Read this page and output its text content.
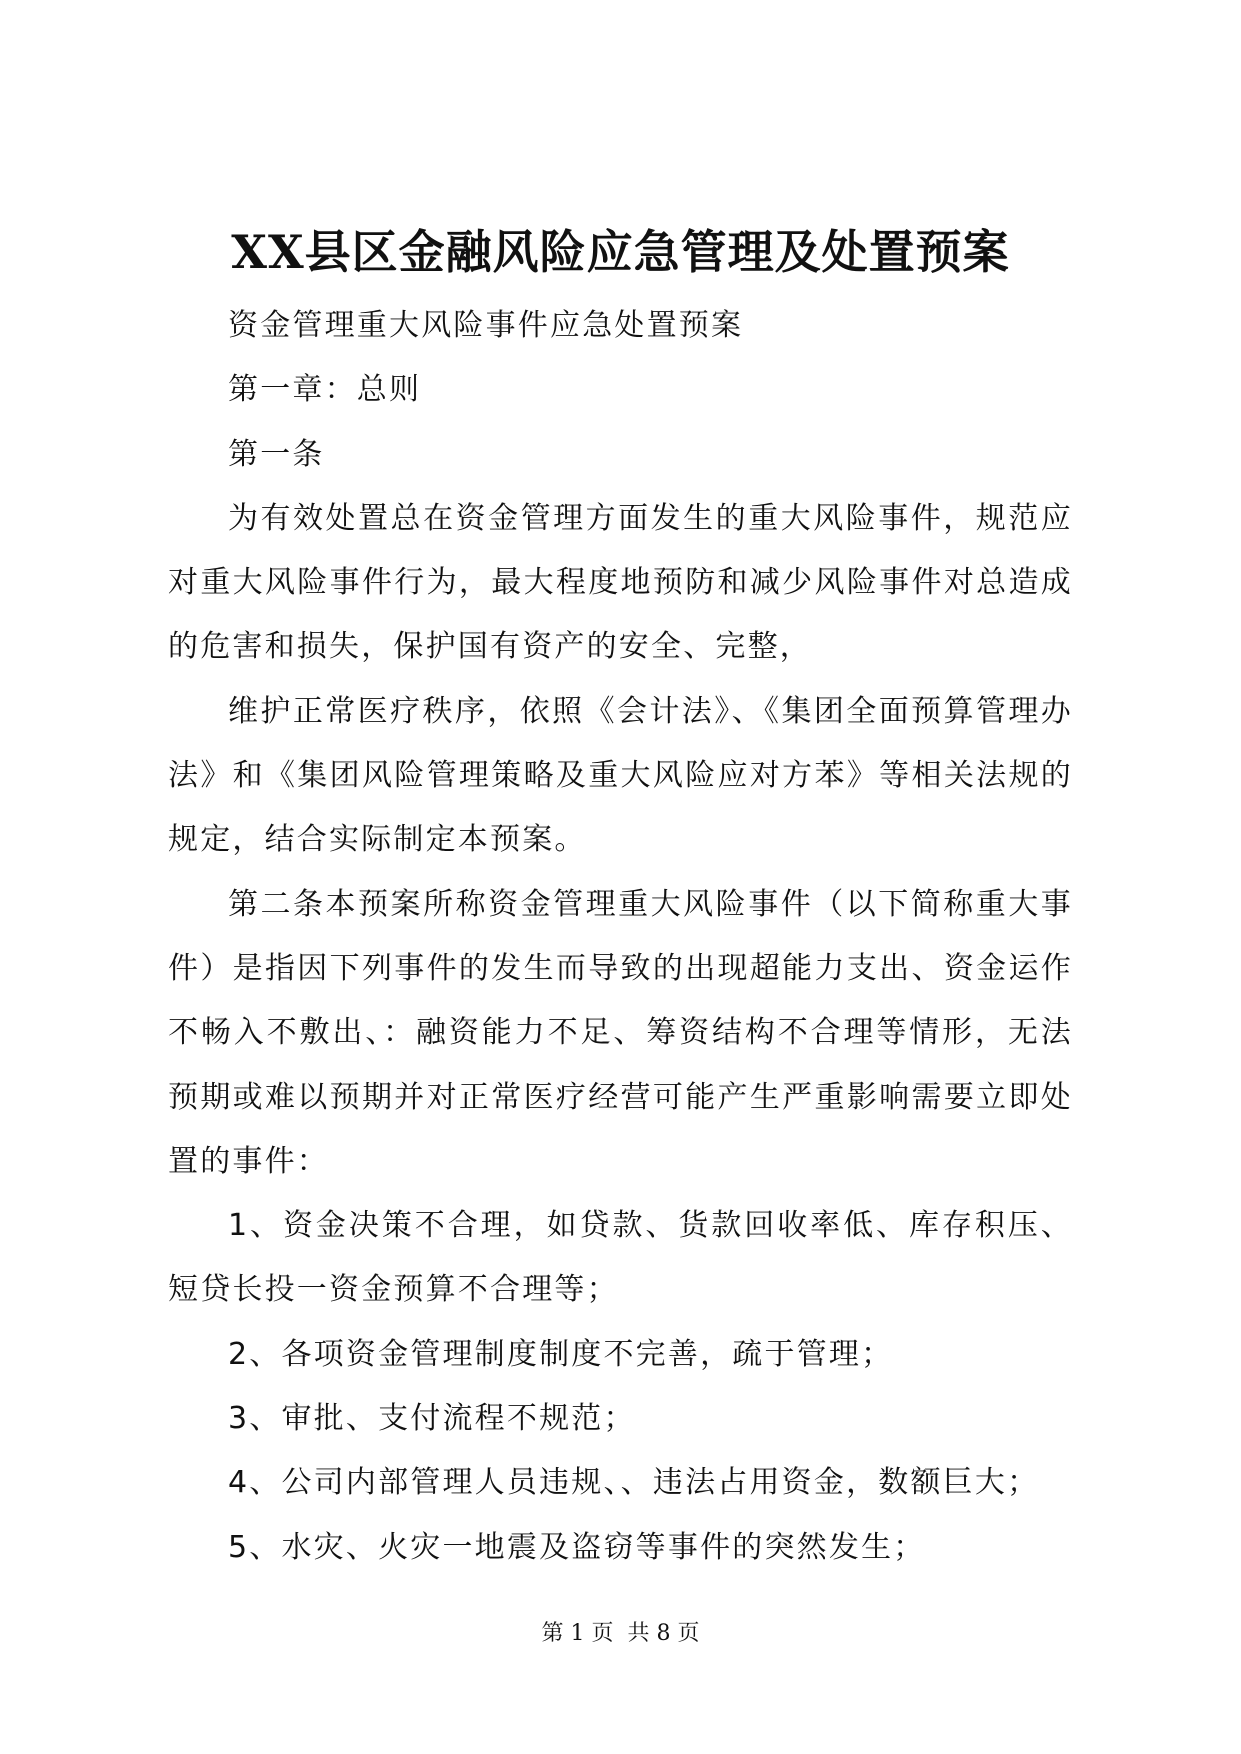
XX县区金融风险应急管理及处置预案

资金管理重大风险事件应急处置预案

第一章：总则

第一条

为有效处置总在资金管理方面发生的重大风险事件，规范应对重大风险事件行为，最大程度地预防和减少风险事件对总造成的危害和损失，保护国有资产的安全、完整，

维护正常医疗秩序，依照《会计法》、《集团全面预算管理办法》和《集团风险管理策略及重大风险应对方苯》等相关法规的规定，结合实际制定本预案。

第二条本预案所称资金管理重大风险事件（以下简称重大事件）是指因下列事件的发生而导致的出现超能力支出、资金运作不畅入不敷出、：融资能力不足、筹资结构不合理等情形，无法预期或难以预期并对正常医疗经营可能产生严重影响需要立即处置的事件：

1、资金决策不合理，如贷款、货款回收率低、库存积压、短贷长投一资金预算不合理等；

2、各项资金管理制度制度不完善，疏于管理；

3、审批、支付流程不规范；

4、公司内部管理人员违规、、违法占用资金，数额巨大；

5、水灾、火灾一地震及盗窃等事件的突然发生；

第 1 页  共 8 页
